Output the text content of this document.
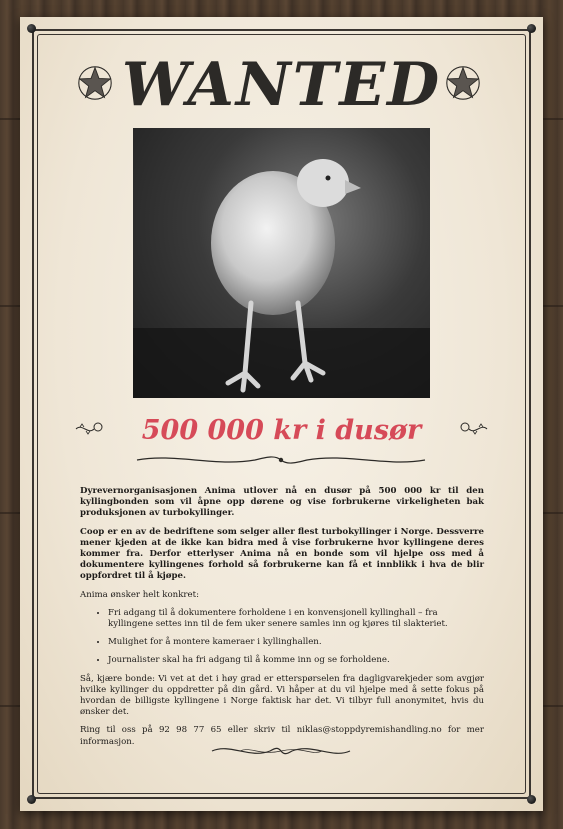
WANTED
500 000 kr i dusør

Dyrevernorganisasjonen Anima utlover nå en dusør på 500 000 kr til den kyllingbonden som vil åpne opp dørene og vise forbrukerne virkeligheten bak produksjonen av turbokyllinger.

Coop er en av de bedriftene som selger aller flest turbokyllinger i Norge. Dessverre mener kjeden at de ikke kan bidra med å vise forbrukerne hvor kyllingene deres kommer fra. Derfor etterlyser Anima nå en bonde som vil hjelpe oss med å dokumentere kyllingenes forhold så forbrukerne kan få et innblikk i hva de blir oppfordret til å kjøpe.

Anima ønsker helt konkret:

• Fri adgang til å dokumentere forholdene i en konvensjonell kyllinghall – fra kyllingene settes inn til de fem uker senere samles inn og kjøres til slakteriet.
• Mulighet for å montere kameraer i kyllinghallen.
• Journalister skal ha fri adgang til å komme inn og se forholdene.

Så, kjære bonde: Vi vet at det i høy grad er etterspørselen fra dagligvarekjeder som avgjør hvilke kyllinger du oppdretter på din gård. Vi håper at du vil hjelpe med å sette fokus på hvordan de billigste kyllingene i Norge faktisk har det. Vi tilbyr full anonymitet, hvis du ønsker det.

Ring til oss på 92 98 77 65 eller skriv til niklas@stoppdyremishandling.no for mer informasjon.
